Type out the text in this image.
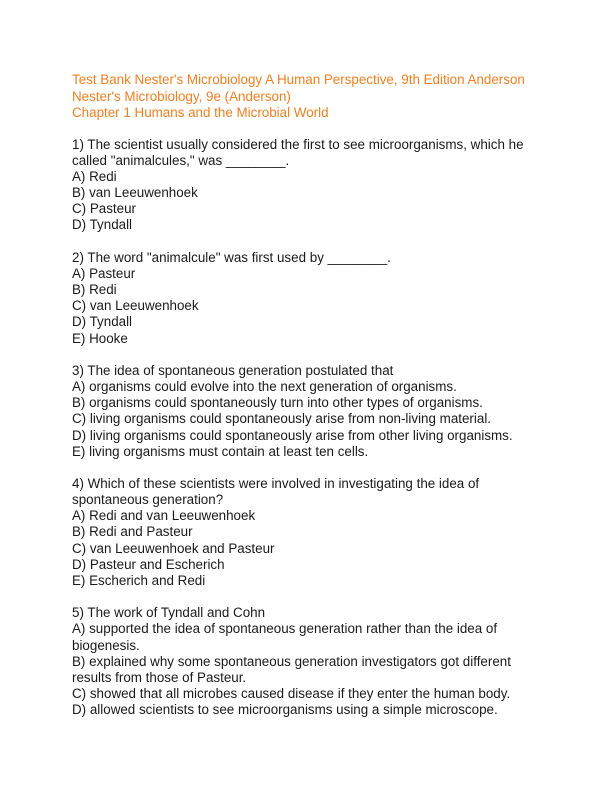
Test Bank Nester's Microbiology A Human Perspective, 9th Edition Anderson
Nester's Microbiology, 9e (Anderson)
Chapter 1 Humans and the Microbial World
1) The scientist usually considered the first to see microorganisms, which he called "animalcules," was ________.
A) Redi
B) van Leeuwenhoek
C) Pasteur
D) Tyndall
2) The word "animalcule" was first used by ________.
A) Pasteur
B) Redi
C) van Leeuwenhoek
D) Tyndall
E) Hooke
3) The idea of spontaneous generation postulated that
A) organisms could evolve into the next generation of organisms.
B) organisms could spontaneously turn into other types of organisms.
C) living organisms could spontaneously arise from non-living material.
D) living organisms could spontaneously arise from other living organisms.
E) living organisms must contain at least ten cells.
4) Which of these scientists were involved in investigating the idea of spontaneous generation?
A) Redi and van Leeuwenhoek
B) Redi and Pasteur
C) van Leeuwenhoek and Pasteur
D) Pasteur and Escherich
E) Escherich and Redi
5) The work of Tyndall and Cohn
A) supported the idea of spontaneous generation rather than the idea of biogenesis.
B) explained why some spontaneous generation investigators got different results from those of Pasteur.
C) showed that all microbes caused disease if they enter the human body.
D) allowed scientists to see microorganisms using a simple microscope.
